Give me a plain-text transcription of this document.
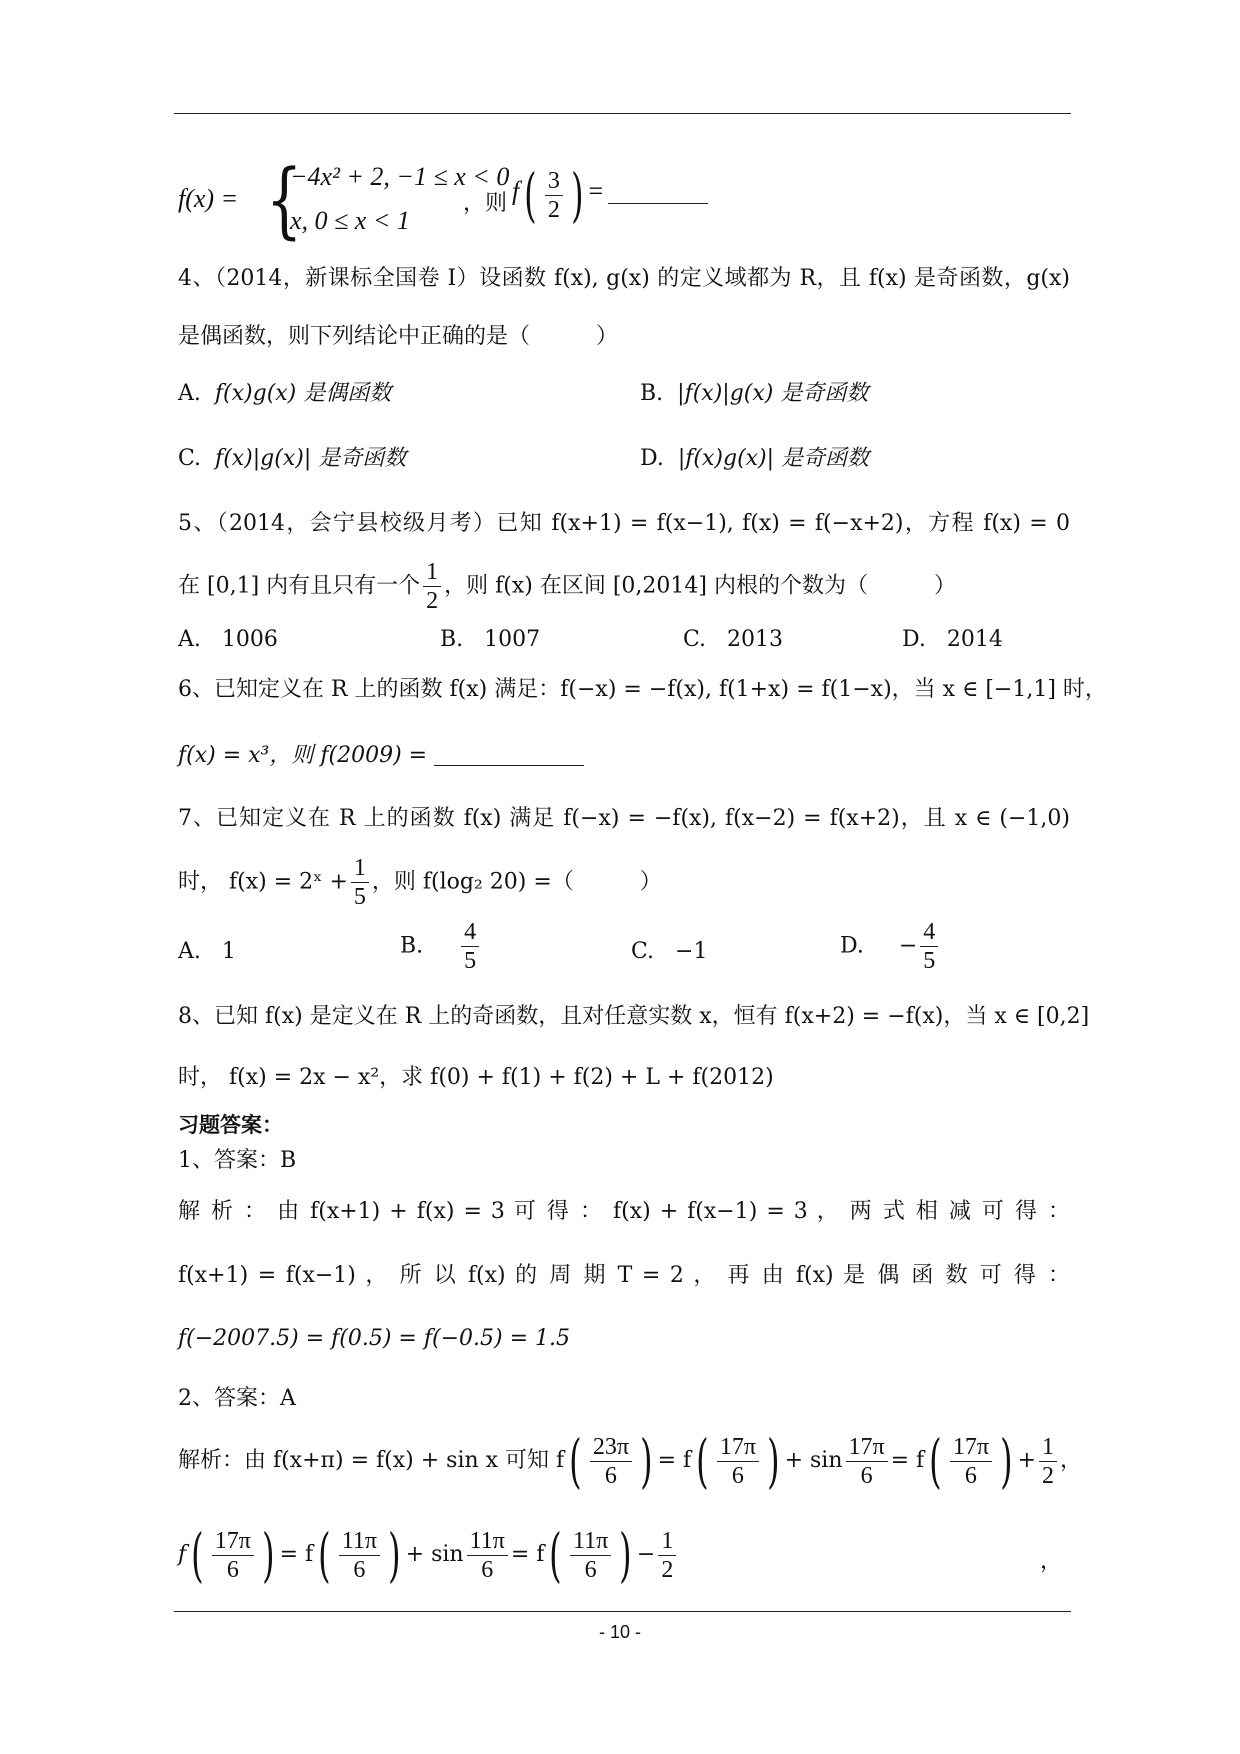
f(x) = {
−4x² + 2, −1 ≤ x < 0
x, 0 ≤ x < 1
，则 $f( \frac{3}{2}$ ) =
4、（2014，新课标全国卷 I）设函数 f(x), g(x) 的定义域都为 R，且 f(x) 是奇函数，g(x)
是偶函数，则下列结论中正确的是（　　　）
A. f(x)g(x) 是偶函数	B. |f(x)|g(x) 是奇函数
C. f(x)|g(x)| 是奇函数	D. |f(x)g(x)| 是奇函数
5、（2014，会宁县校级月考）已知 f(x+1) = f(x−1), f(x) = f(−x+2)，方程 f(x) = 0
在 [0,1] 内有且只有一个 $\frac{1}{2}$ ，则 f(x) 在区间 [0,2014] 内根的个数为（　　　）
A. 1006	B. 1007	C. 2013	D. 2014
6、已知定义在 R 上的函数 f(x) 满足：f(−x) = −f(x), f(1+x) = f(1−x)，当 x ∈ [−1,1] 时，
f(x) = x³，则 f(2009) =
7、已知定义在 R 上的函数 f(x) 满足 f(−x) = −f(x), f(x−2) = f(x+2)，且 x ∈ (−1,0)
时， f(x) = 2ˣ + $\frac{1}{5}$ ，则 f(log₂ 20) =（　　　）
A. 1	B. $\frac{4}{5}$	C. −1	D. − $\frac{4}{5}$
8、已知 f(x) 是定义在 R 上的奇函数，且对任意实数 x，恒有 f(x+2) = −f(x)，当 x ∈ [0,2]
时， f(x) = 2x − x²，求 f(0) + f(1) + f(2) + L + f(2012)
习题答案：
1、答案：B
解 析 ： 由 f(x+1) + f(x) = 3 可 得 ： f(x) + f(x−1) = 3 ， 两 式 相 减 可 得 ：
f(x+1) = f(x−1) ， 所 以 f(x) 的 周 期 T = 2 ， 再 由 f(x) 是 偶 函 数 可 得 ：
f(−2007.5) = f(0.5) = f(−0.5) = 1.5
2、答案：A
解析：由 f(x+π) = f(x) + sin x 可知 $f( \frac{23\pi}{6}$ ) = $f( \frac{17\pi}{6}$ ) + $\sin \frac{17\pi}{6} = f( \frac{17\pi}{6}$ ) + $\frac{1}{2}$ ，
$f( \frac{17\pi}{6}$ ) = $f( \frac{11\pi}{6}$ ) + $\sin \frac{11\pi}{6} = f( \frac{11\pi}{6}$ ) − $\frac{1}{2}$	，
- 10 -
